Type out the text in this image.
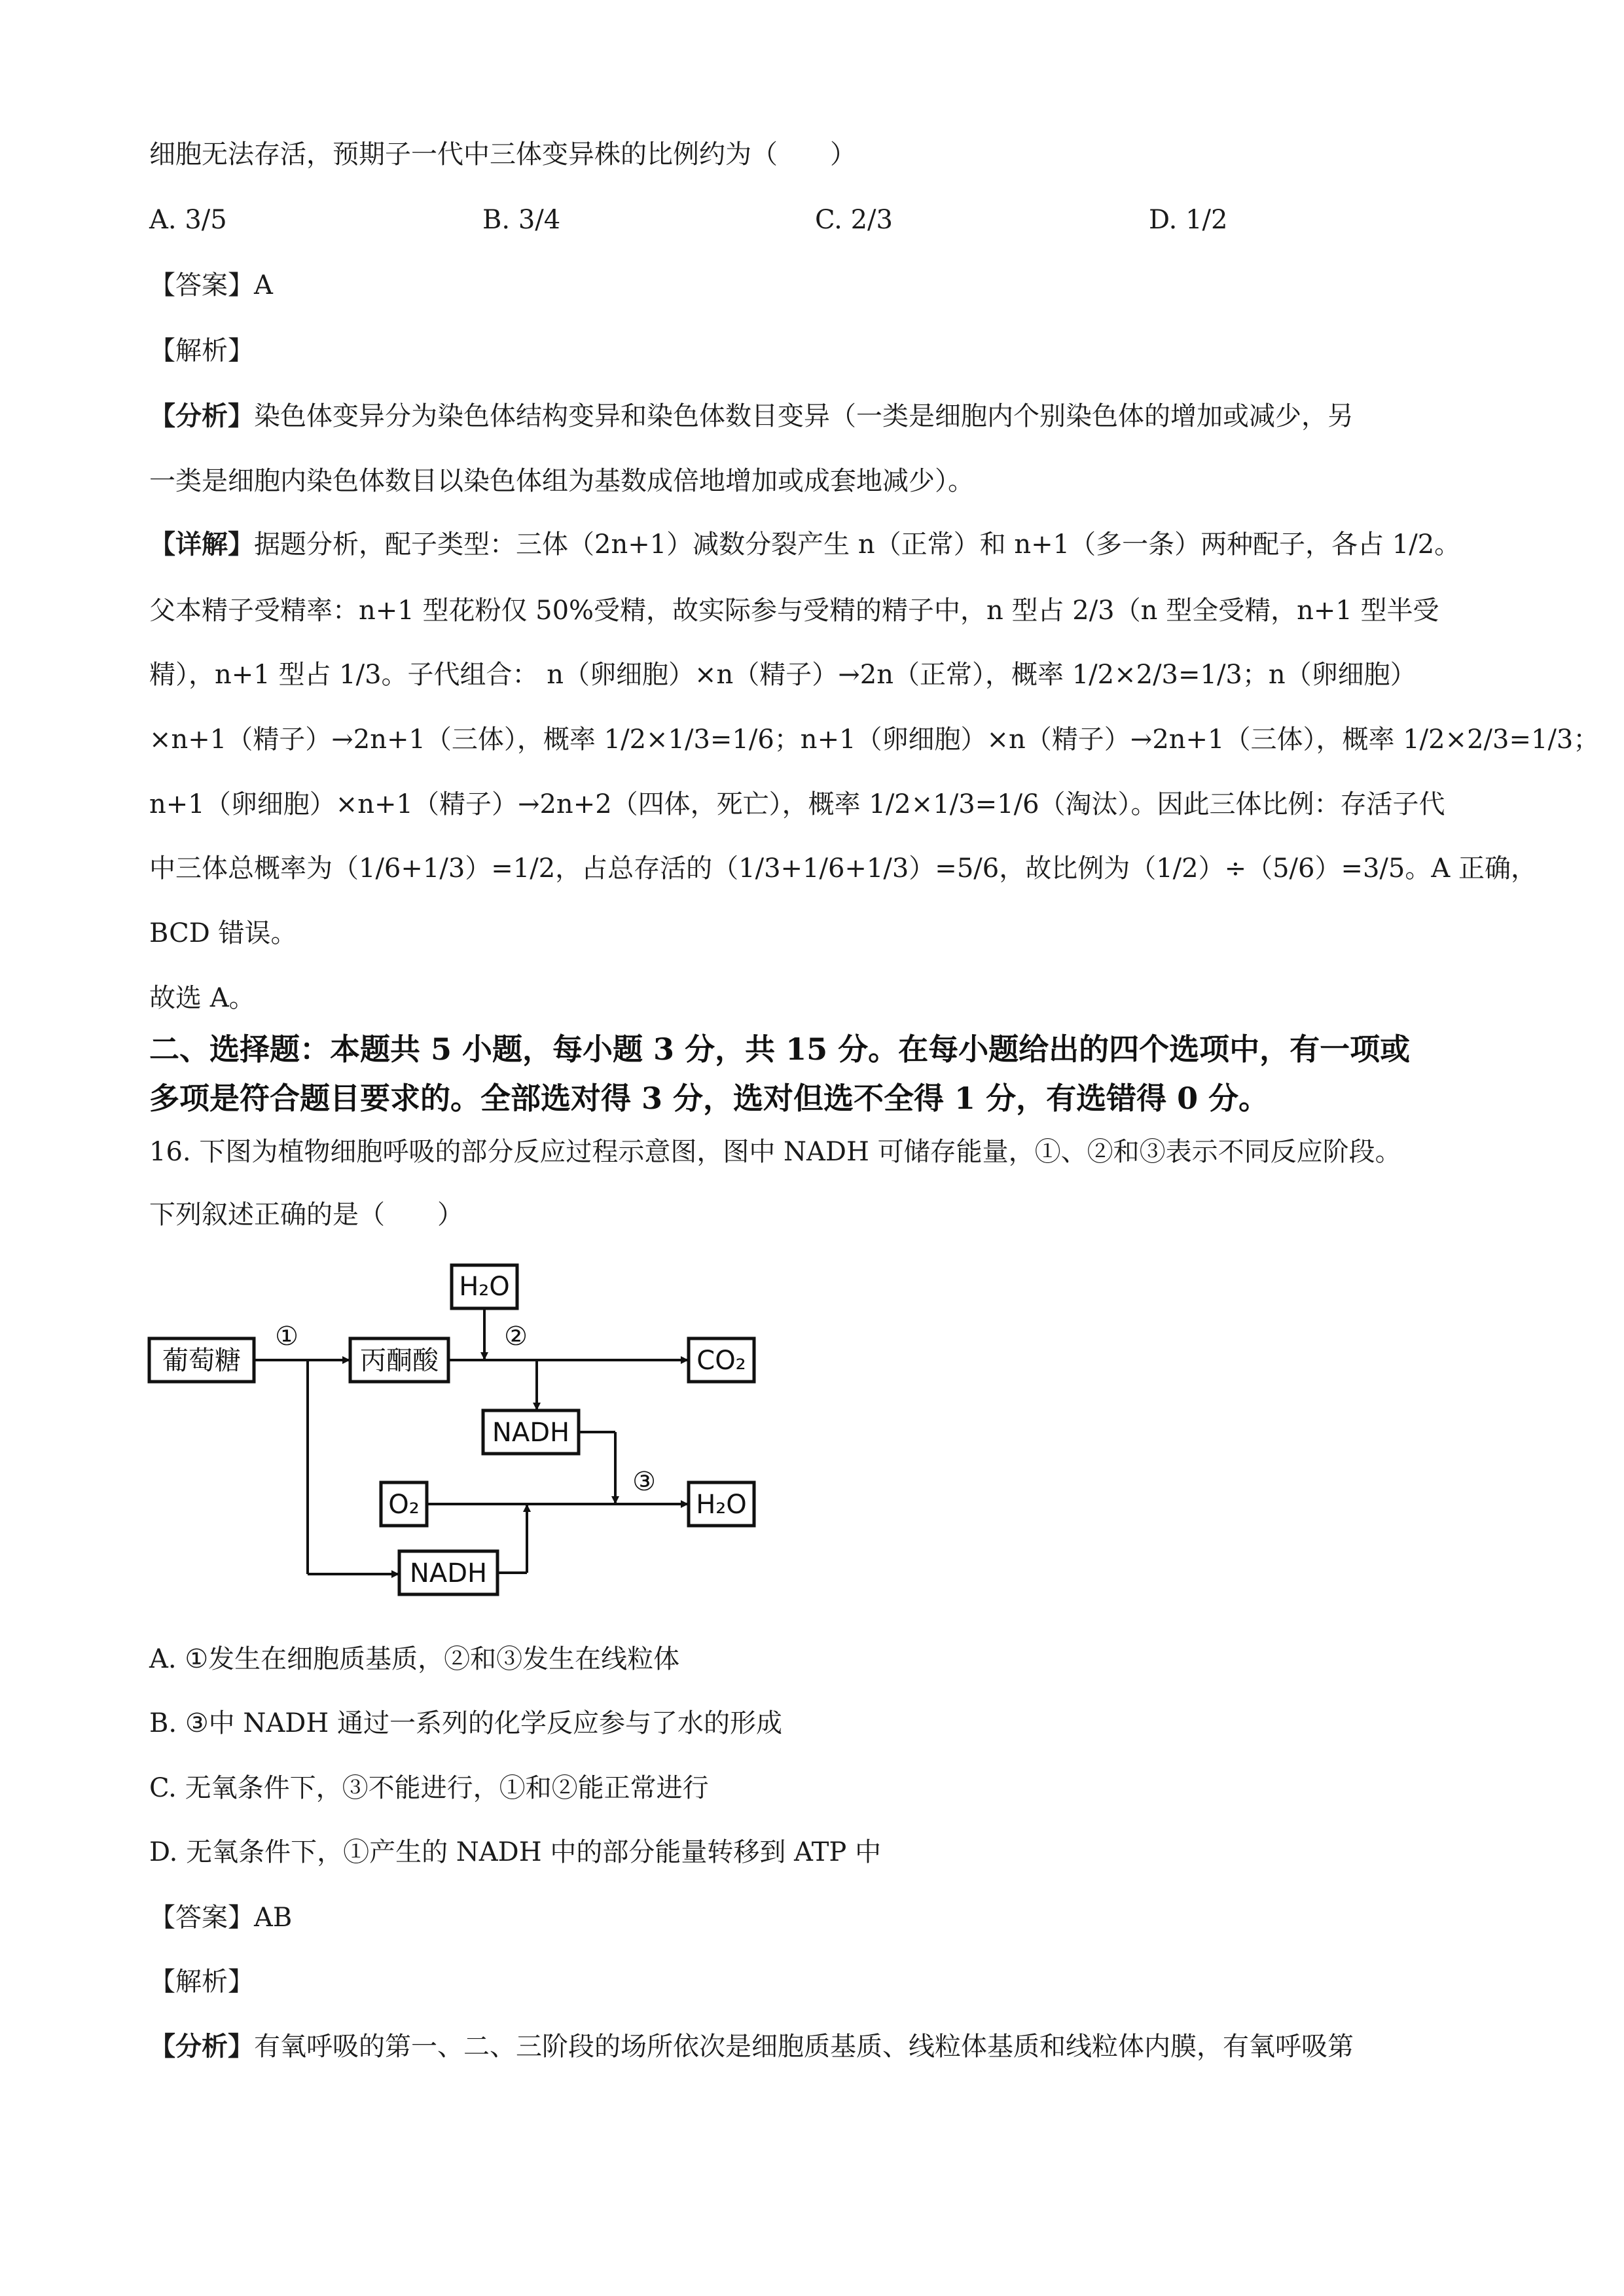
细胞无法存活，预期子一代中三体变异株的比例约为（　　）
A. 3/5	B. 3/4	C. 2/3	D. 1/2
【答案】A
【解析】
【分析】染色体变异分为染色体结构变异和染色体数目变异（一类是细胞内个别染色体的增加或减少，另
一类是细胞内染色体数目以染色体组为基数成倍地增加或成套地减少）。
【详解】据题分析，配子类型：三体（2n+1）减数分裂产生 n（正常）和 n+1（多一条）两种配子，各占 1/2。
父本精子受精率：n+1 型花粉仅 50%受精，故实际参与受精的精子中，n 型占 2/3（n 型全受精，n+1 型半受
精），n+1 型占 1/3。子代组合： n（卵细胞）×n（精子）→2n（正常），概率 1/2×2/3=1/3；n（卵细胞）
×n+1（精子）→2n+1（三体），概率 1/2×1/3=1/6；n+1（卵细胞）×n（精子）→2n+1（三体），概率 1/2×2/3=1/3；
n+1（卵细胞）×n+1（精子）→2n+2（四体，死亡），概率 1/2×1/3=1/6（淘汰）。因此三体比例：存活子代
中三体总概率为（1/6+1/3）=1/2，占总存活的（1/3+1/6+1/3）=5/6，故比例为（1/2）÷（5/6）=3/5。A 正确，
BCD 错误。
故选 A。
二、选择题：本题共 5 小题，每小题 3 分，共 15 分。在每小题给出的四个选项中，有一项或
多项是符合题目要求的。全部选对得 3 分，选对但选不全得 1 分，有选错得 0 分。
16. 下图为植物细胞呼吸的部分反应过程示意图，图中 NADH 可储存能量，①、②和③表示不同反应阶段。
下列叙述正确的是（　　）
葡萄糖	丙酮酸
H₂O
CO₂
NADH
O₂	H₂O
NADH
①	②
③
A. ①发生在细胞质基质，②和③发生在线粒体
B. ③中 NADH 通过一系列的化学反应参与了水的形成
C. 无氧条件下，③不能进行，①和②能正常进行
D. 无氧条件下，①产生的 NADH 中的部分能量转移到 ATP 中
【答案】AB
【解析】
【分析】有氧呼吸的第一、二、三阶段的场所依次是细胞质基质、线粒体基质和线粒体内膜，有氧呼吸第
